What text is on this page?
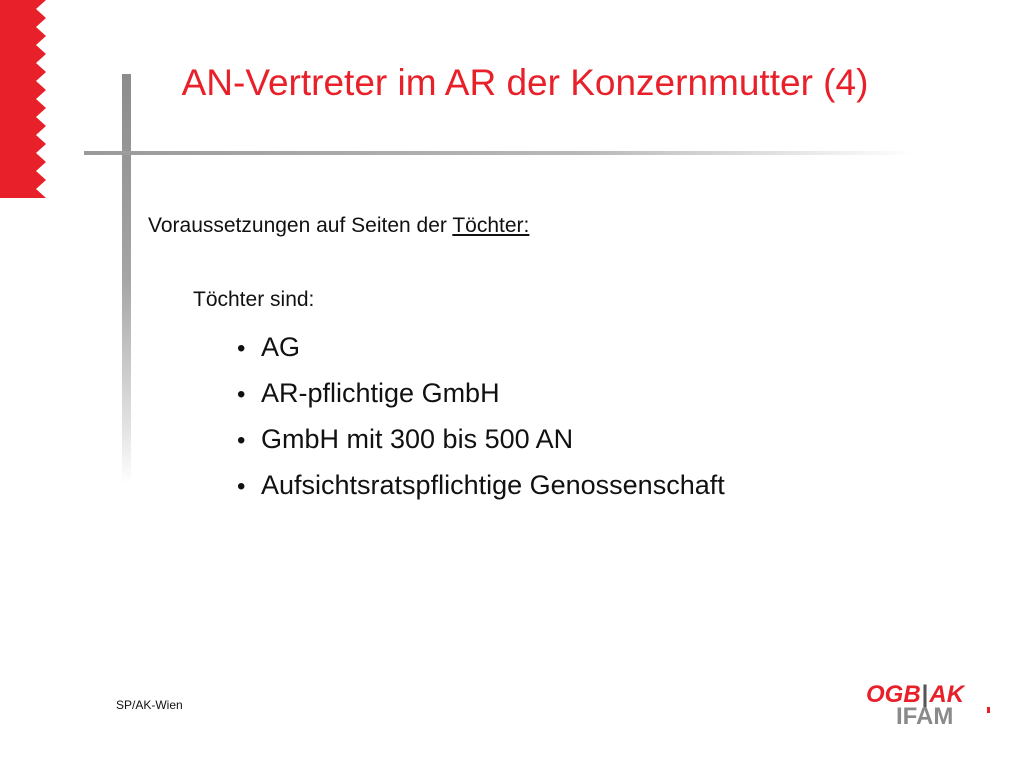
AN-Vertreter im AR der Konzernmutter (4)
Voraussetzungen auf Seiten der Töchter:
Töchter sind:
• AG
• AR-pflichtige GmbH
• GmbH mit 300 bis 500 AN
• Aufsichtsratspflichtige Genossenschaft
SP/AK-Wien	OGB|AK
IFAM
